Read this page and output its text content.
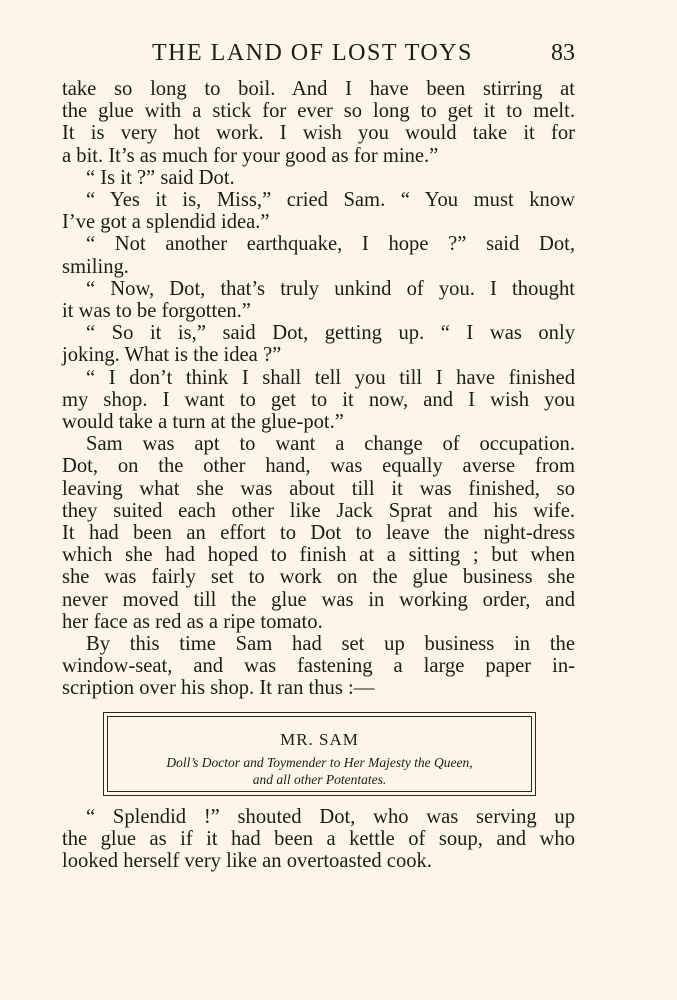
THE LAND OF LOST TOYS	83

take so long to boil. And I have been stirring at
the glue with a stick for ever so long to get it to melt.
It is very hot work. I wish you would take it for

a bit. It’s as much for your good as for mine.”

“ Is it ?” said Dot.

“ Yes it is, Miss,” cried Sam. “ You must know

I’ve got a splendid idea.”

“ Not another earthquake, I hope ?” said Dot,

smiling.

“ Now, Dot, that’s truly unkind of you. I thought

it was to be forgotten.”

“ So it is,” said Dot, getting up. “ I was only

joking. What is the idea ?”

“ I don’t think I shall tell you till I have finished

my shop. I want to get to it now, and I wish you

would take a turn at the glue-pot.”

Sam was apt to want a change of occupation.

Dot, on the other hand, was equally averse from

leaving what she was about till it was finished, so

they suited each other like Jack Sprat and his wife.

It had been an effort to Dot to leave the night-dress

which she had hoped to finish at a sitting ; but when

she was fairly set to work on the glue business she

never moved till the glue was in working order, and

her face as red as a ripe tomato.

By this time Sam had set up business in the

window-seat, and was fastening a large paper in-

scription over his shop. It ran thus :—

MR. SAM
Doll’s Doctor and Toymender to Her Majesty the Queen,
and all other Potentates.

“ Splendid !” shouted Dot, who was serving up

the glue as if it had been a kettle of soup, and who

looked herself very like an overtoasted cook.
